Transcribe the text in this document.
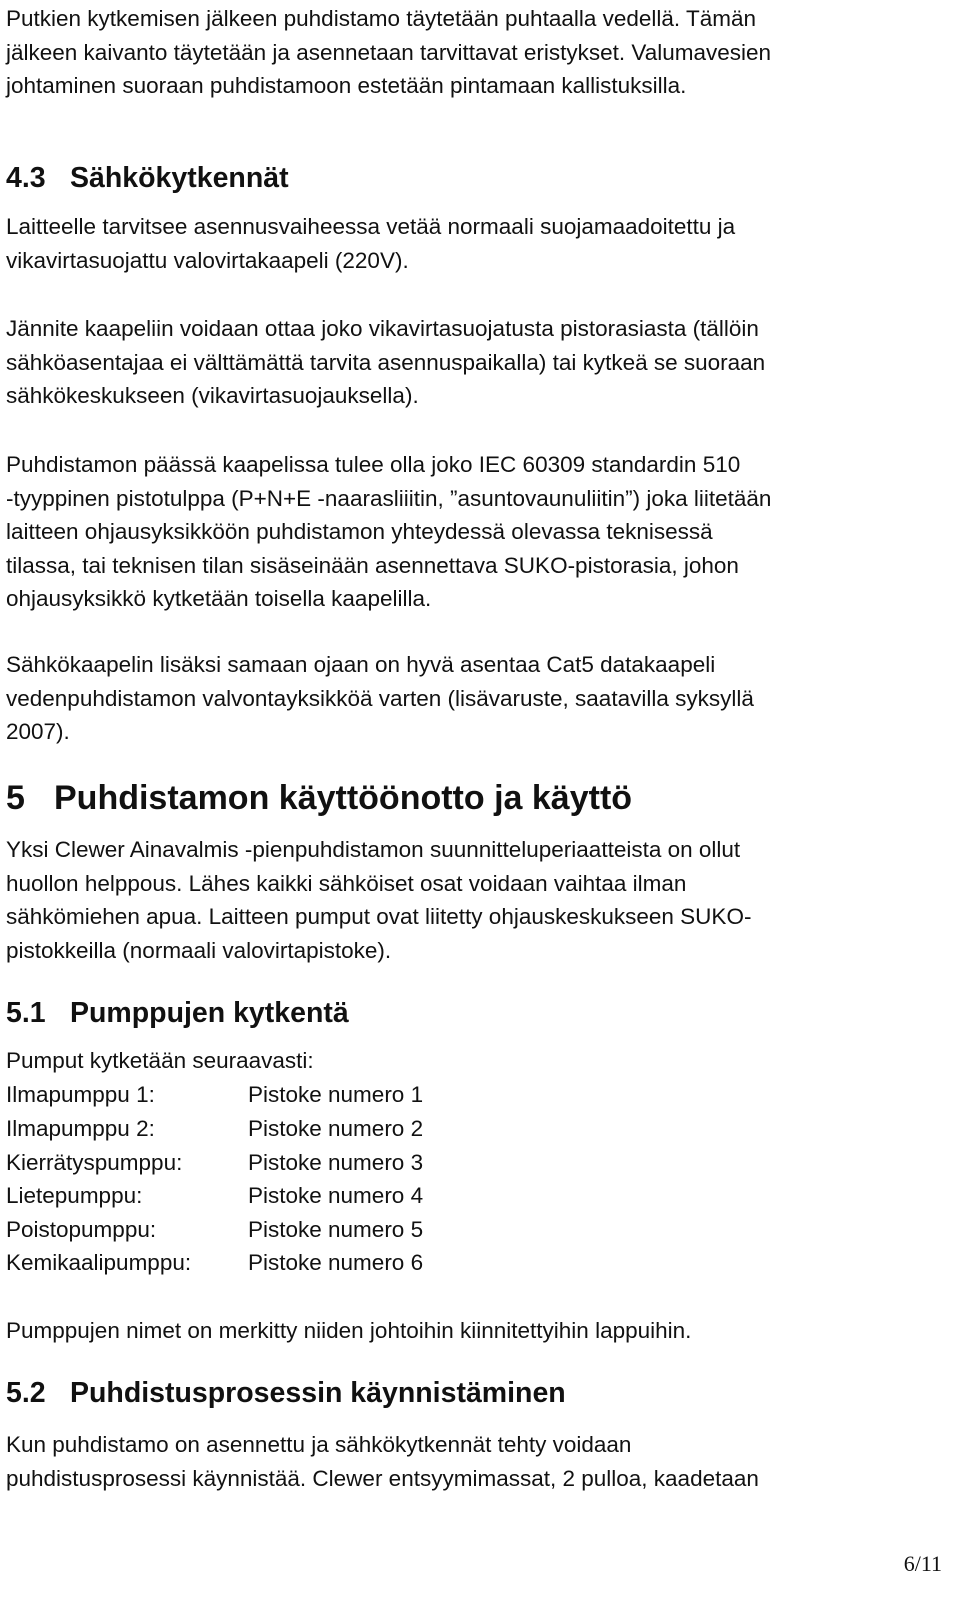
Putkien kytkemisen jälkeen puhdistamo täytetään puhtaalla vedellä. Tämän
jälkeen kaivanto täytetään ja asennetaan tarvittavat eristykset. Valumavesien
johtaminen suoraan puhdistamoon estetään pintamaan kallistuksilla.

4.3 Sähkökytkennät

Laitteelle tarvitsee asennusvaiheessa vetää normaali suojamaadoitettu ja
vikavirtasuojattu valovirtakaapeli (220V).

Jännite kaapeliin voidaan ottaa joko vikavirtasuojatusta pistorasiasta (tällöin
sähköasentajaa ei välttämättä tarvita asennuspaikalla) tai kytkeä se suoraan
sähkökeskukseen (vikavirtasuojauksella).

Puhdistamon päässä kaapelissa tulee olla joko IEC 60309 standardin 510
-tyyppinen pistotulppa (P+N+E -naarasliiitin, ”asuntovaunuliitin”) joka liitetään
laitteen ohjausyksikköön puhdistamon yhteydessä olevassa teknisessä
tilassa, tai teknisen tilan sisäseinään asennettava SUKO-pistorasia, johon
ohjausyksikkö kytketään toisella kaapelilla.

Sähkökaapelin lisäksi samaan ojaan on hyvä asentaa Cat5 datakaapeli
vedenpuhdistamon valvontayksikköä varten (lisävaruste, saatavilla syksyllä
2007).

5 Puhdistamon käyttöönotto ja käyttö

Yksi Clewer Ainavalmis -pienpuhdistamon suunnitteluperiaatteista on ollut
huollon helppous. Lähes kaikki sähköiset osat voidaan vaihtaa ilman
sähkömiehen apua. Laitteen pumput ovat liitetty ohjauskeskukseen SUKO-
pistokkeilla (normaali valovirtapistoke).

5.1 Pumppujen kytkentä

Pumput kytketään seuraavasti:

Ilmapumppu 1:	Pistoke numero 1
Ilmapumppu 2:	Pistoke numero 2
Kierrätyspumppu:	Pistoke numero 3
Lietepumppu:	Pistoke numero 4
Poistopumppu:	Pistoke numero 5
Kemikaalipumppu:	Pistoke numero 6

Pumppujen nimet on merkitty niiden johtoihin kiinnitettyihin lappuihin.

5.2 Puhdistusprosessin käynnistäminen

Kun puhdistamo on asennettu ja sähkökytkennät tehty voidaan
puhdistusprosessi käynnistää. Clewer entsyymimassat, 2 pulloa, kaadetaan

6/11
